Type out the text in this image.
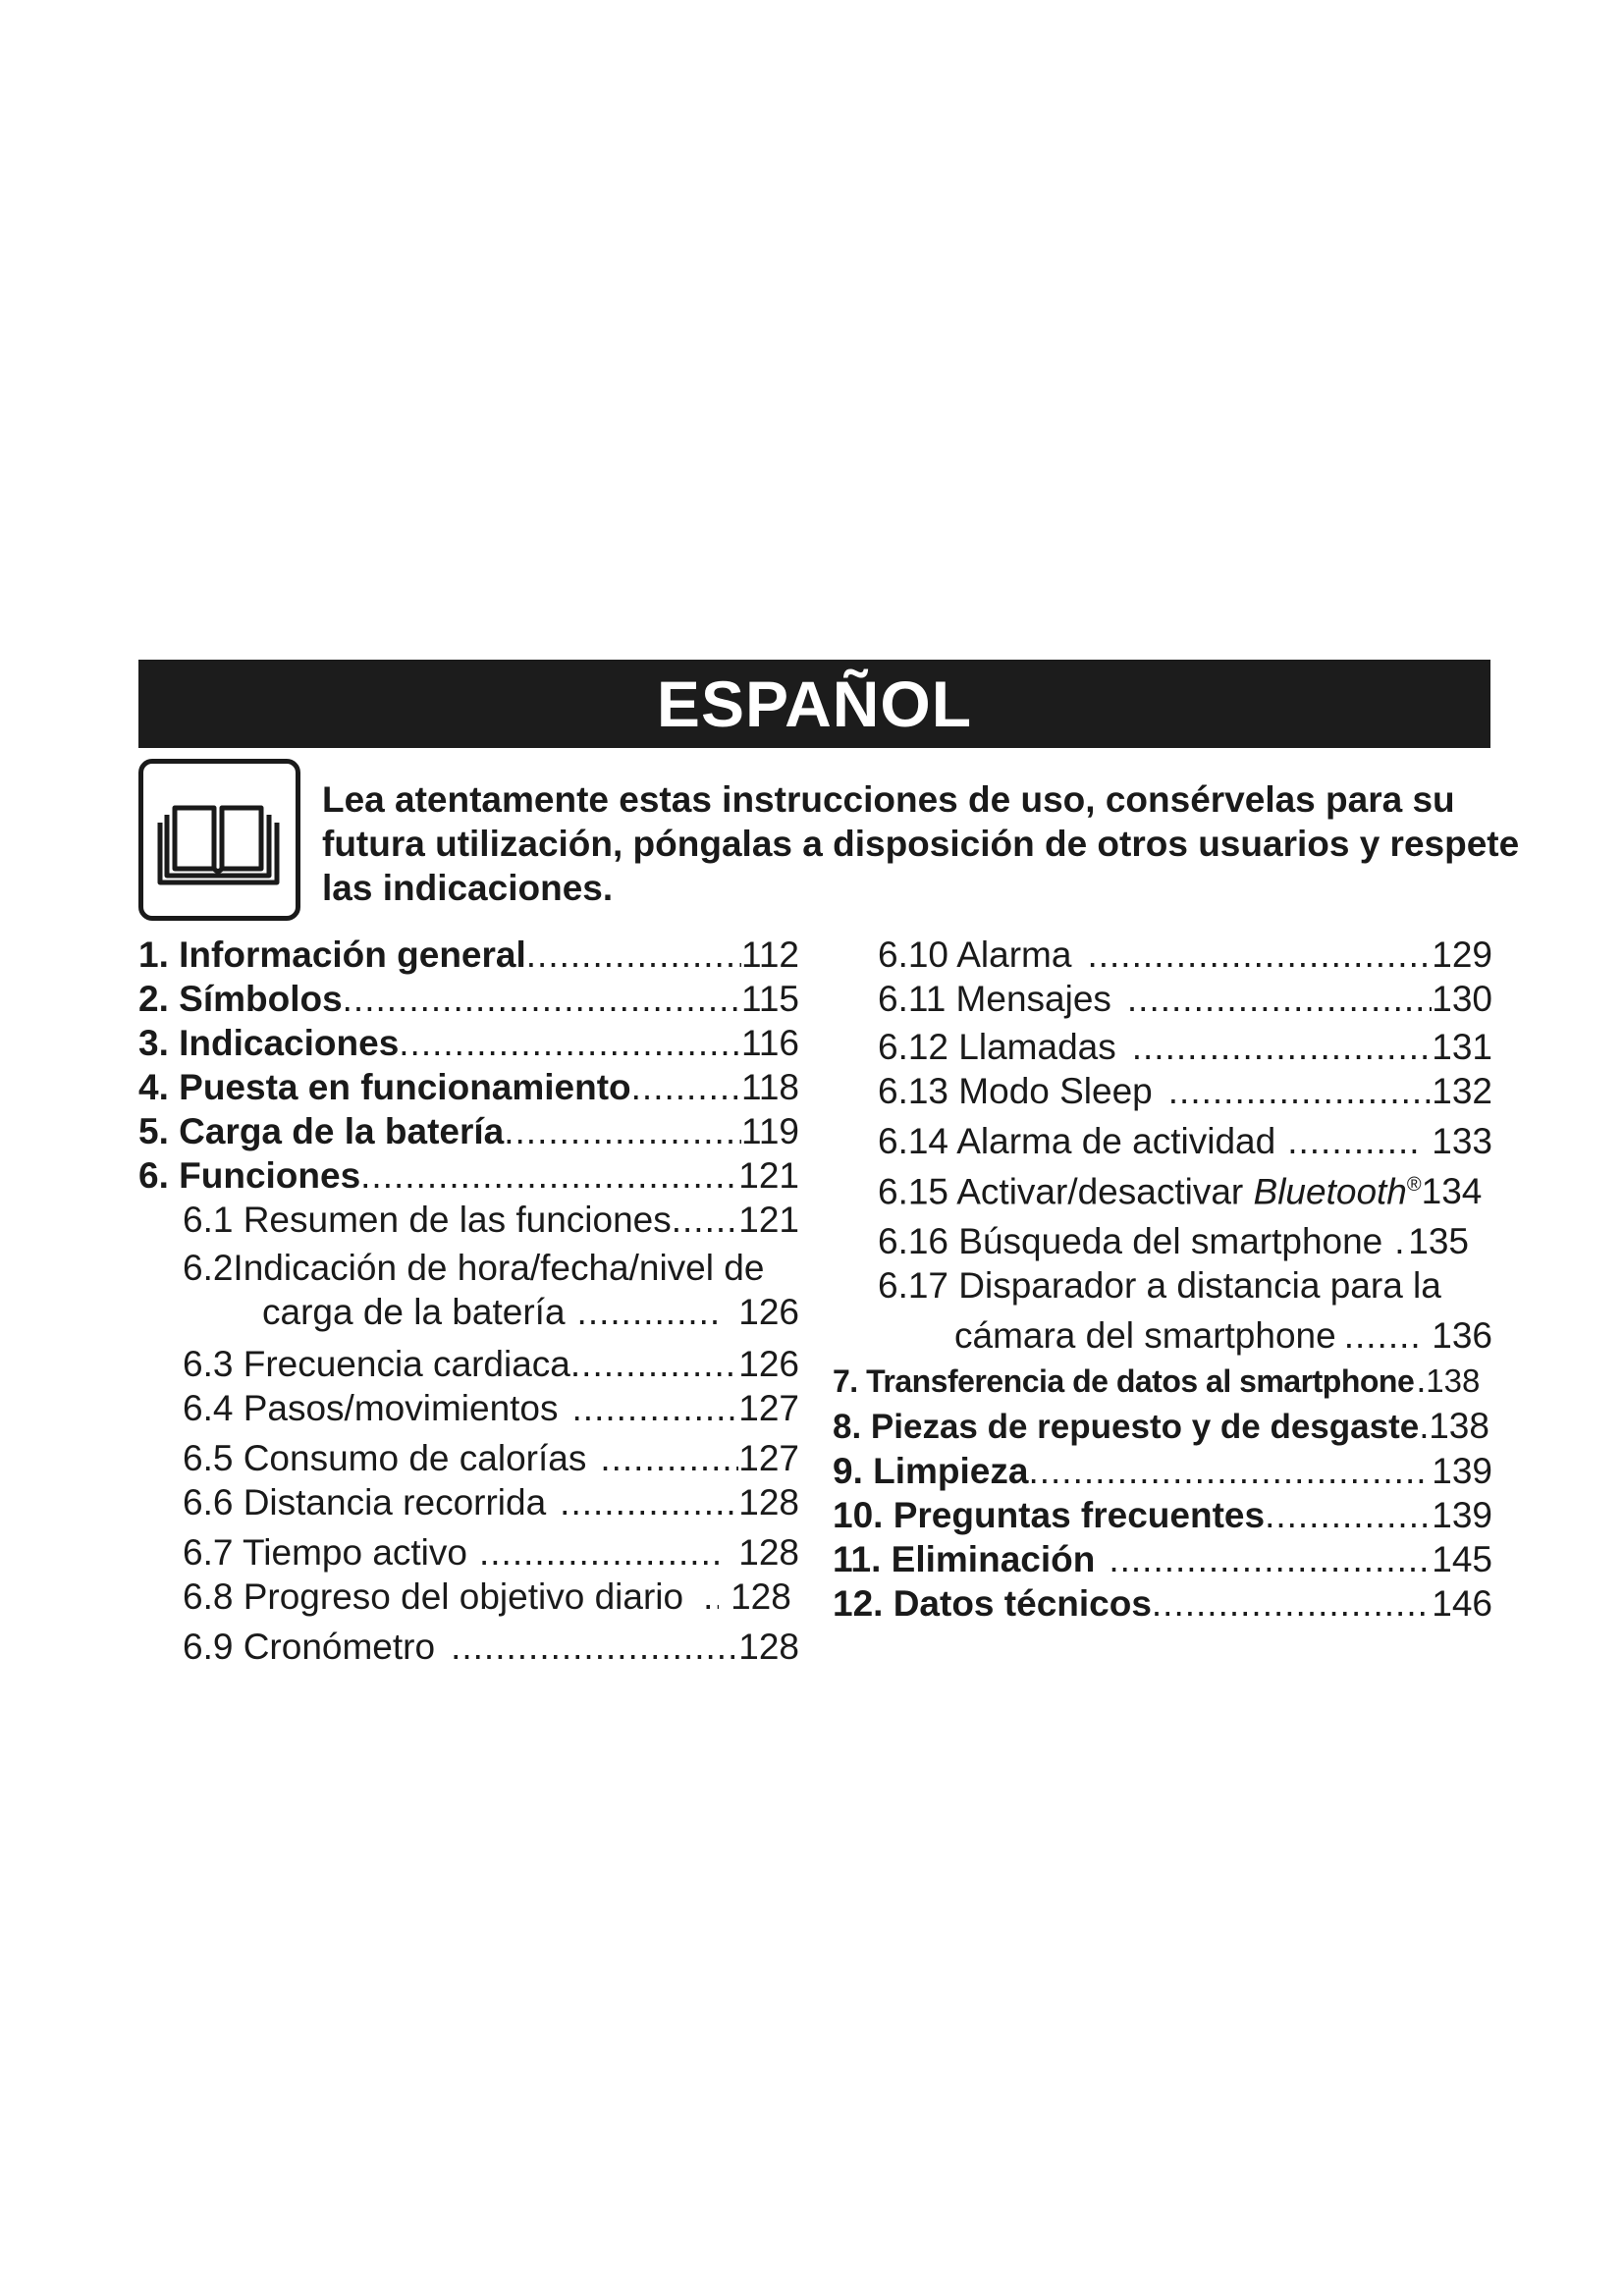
ESPAÑOL
Lea atentamente estas instrucciones de uso, consérvelas para su
futura utilización, póngalas a disposición de otros usuarios y respete
las indicaciones.
1. Información general .....	112
2. Símbolos .....	115
3. Indicaciones .....	116
4. Puesta en funcionamiento .....	118
5. Carga de la batería .....	119
6. Funciones .....	121
6.1 Resumen de las funciones ..... 121
6.2Indicación de hora/fecha/nivel de
carga de la batería .....	126
6.3 Frecuencia cardiaca .....	126
6.4 Pasos/movimientos .....	127
6.5 Consumo de calorías .....	127
6.6 Distancia recorrida .....	128
6.7 Tiempo activo .....	128
6.8 Progreso del objetivo diario ..... 128
6.9 Cronómetro .....	128
6.10 Alarma .....	129
6.11 Mensajes .....	130
6.12 Llamadas .....	131
6.13 Modo Sleep .....	132
6.14 Alarma de actividad .....	133
6.15 Activar/desactivar Bluetooth® 134
6.16 Búsqueda del smartphone ..... 135
6.17 Disparador a distancia para la
cámara del smartphone .....	136
7. Transferencia de datos al smartphone ..... 138
8. Piezas de repuesto y de desgaste ..... 138
9. Limpieza .....	139
10. Preguntas frecuentes .....	139
11. Eliminación .....	145
12. Datos técnicos .....	146
